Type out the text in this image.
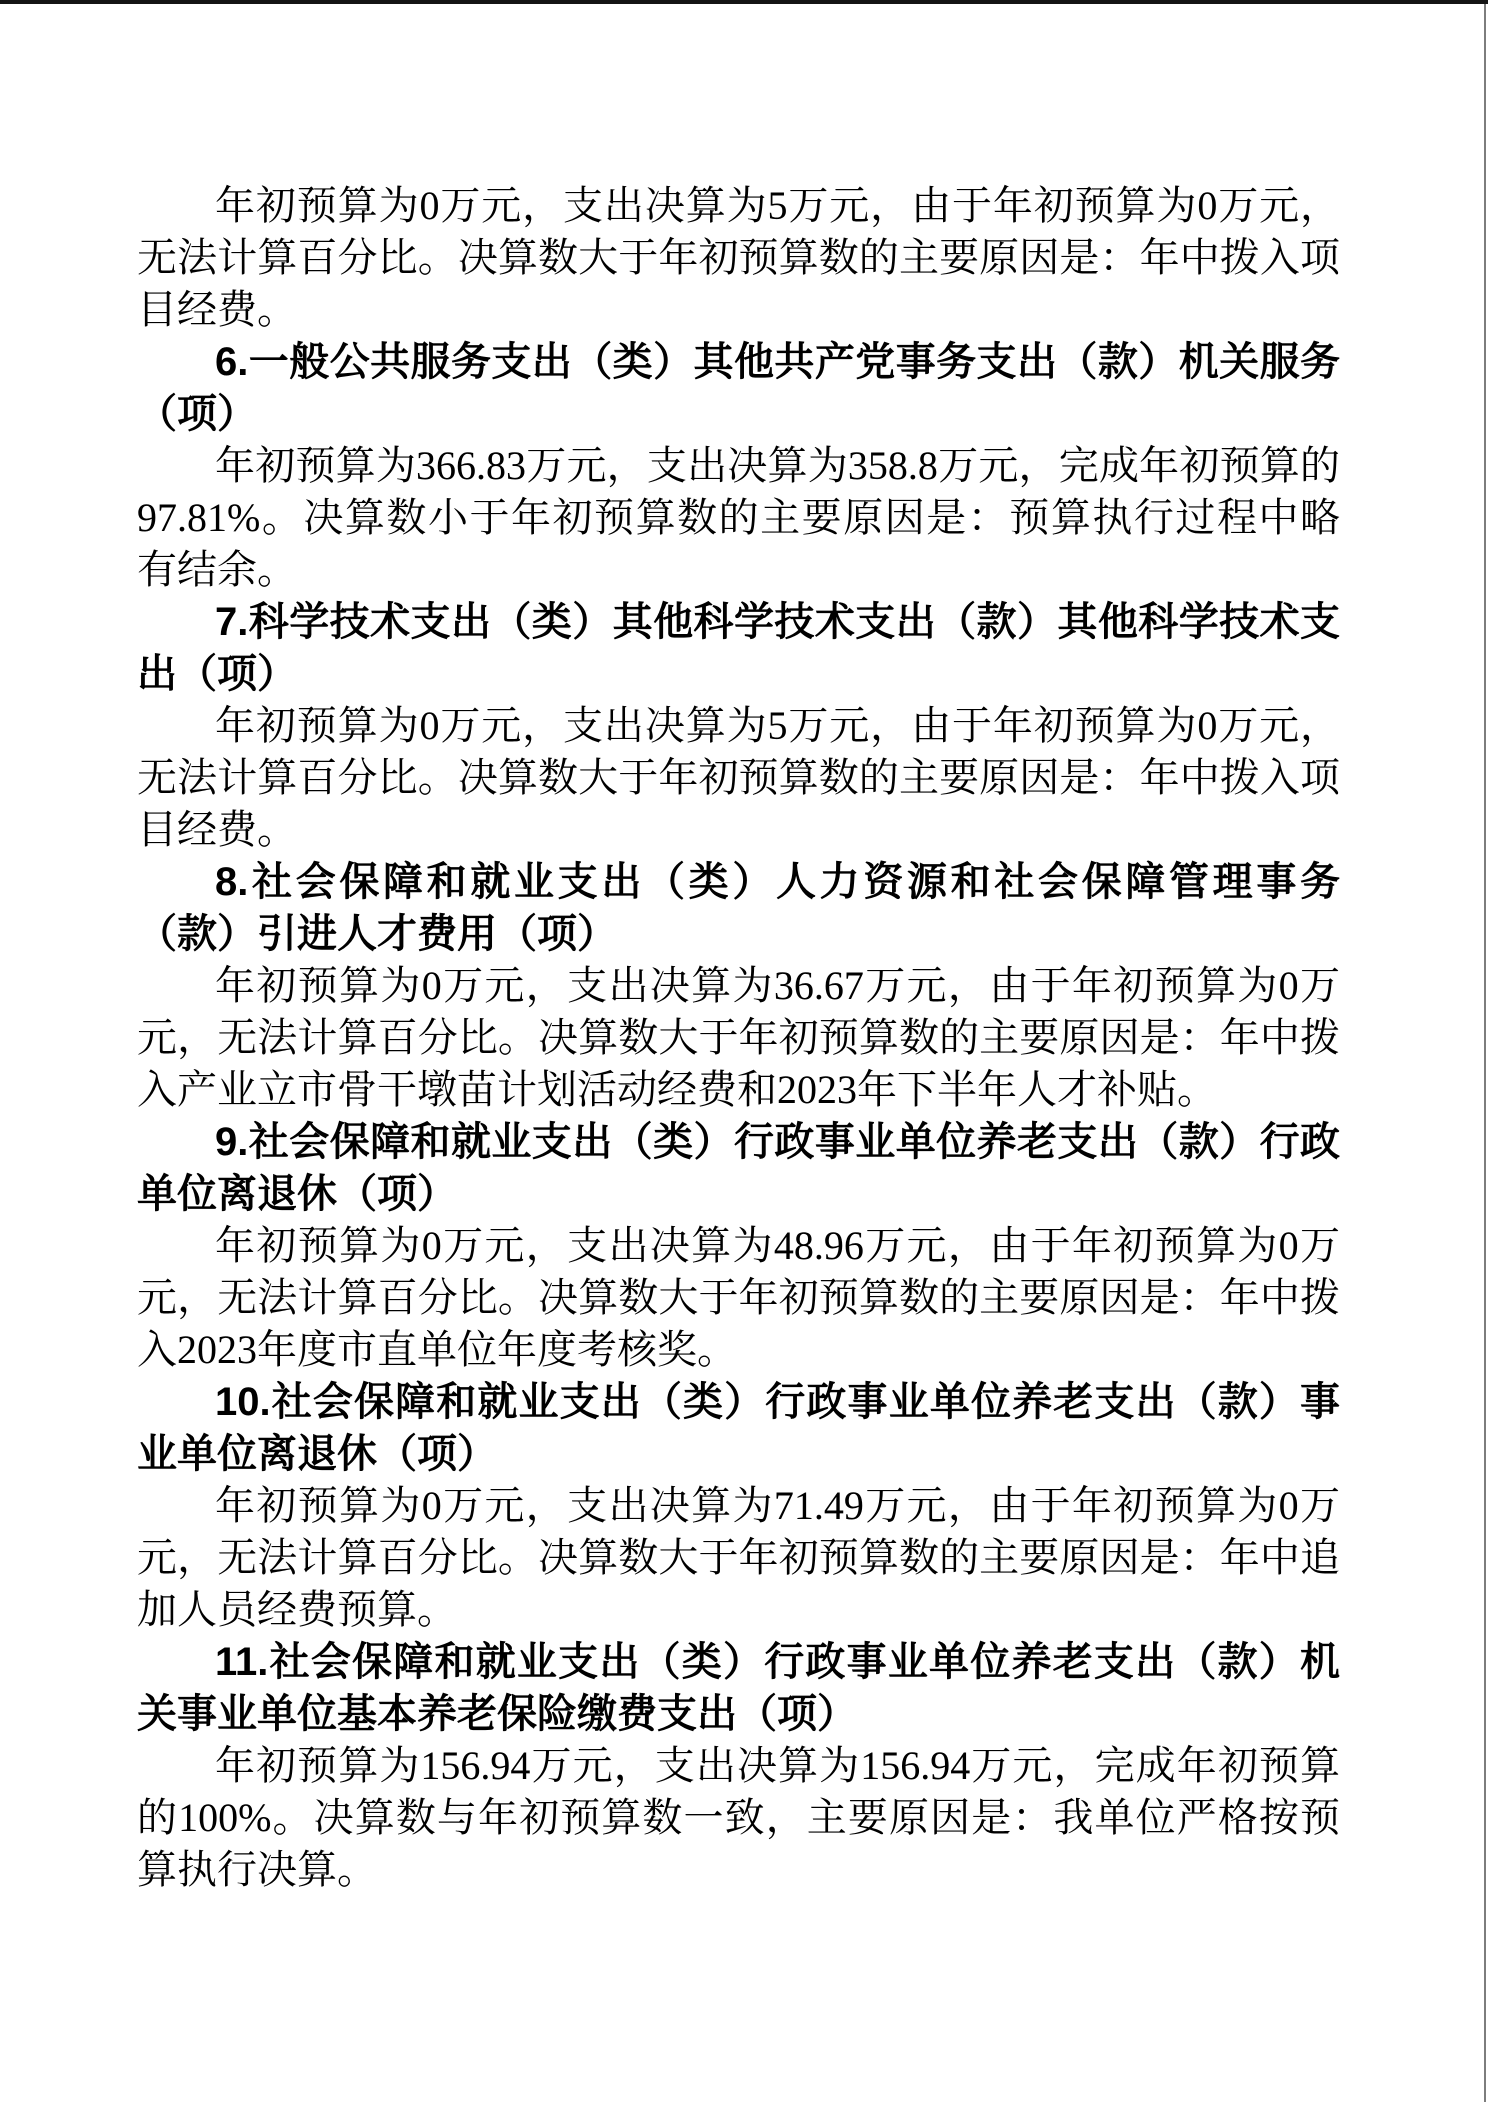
年初预算为0万元，支出决算为5万元，由于年初预算为0万元，无法计算百分比。决算数大于年初预算数的主要原因是：年中拨入项目经费。

6.一般公共服务支出（类）其他共产党事务支出（款）机关服务（项）

年初预算为366.83万元，支出决算为358.8万元，完成年初预算的97.81%。决算数小于年初预算数的主要原因是：预算执行过程中略有结余。

7.科学技术支出（类）其他科学技术支出（款）其他科学技术支出（项）

年初预算为0万元，支出决算为5万元，由于年初预算为0万元，无法计算百分比。决算数大于年初预算数的主要原因是：年中拨入项目经费。

8.社会保障和就业支出（类）人力资源和社会保障管理事务（款）引进人才费用（项）

年初预算为0万元，支出决算为36.67万元，由于年初预算为0万元，无法计算百分比。决算数大于年初预算数的主要原因是：年中拨入产业立市骨干墩苗计划活动经费和2023年下半年人才补贴。

9.社会保障和就业支出（类）行政事业单位养老支出（款）行政单位离退休（项）

年初预算为0万元，支出决算为48.96万元，由于年初预算为0万元，无法计算百分比。决算数大于年初预算数的主要原因是：年中拨入2023年度市直单位年度考核奖。

10.社会保障和就业支出（类）行政事业单位养老支出（款）事业单位离退休（项）

年初预算为0万元，支出决算为71.49万元，由于年初预算为0万元，无法计算百分比。决算数大于年初预算数的主要原因是：年中追加人员经费预算。

11.社会保障和就业支出（类）行政事业单位养老支出（款）机关事业单位基本养老保险缴费支出（项）

年初预算为156.94万元，支出决算为156.94万元，完成年初预算的100%。决算数与年初预算数一致，主要原因是：我单位严格按预算执行决算。
